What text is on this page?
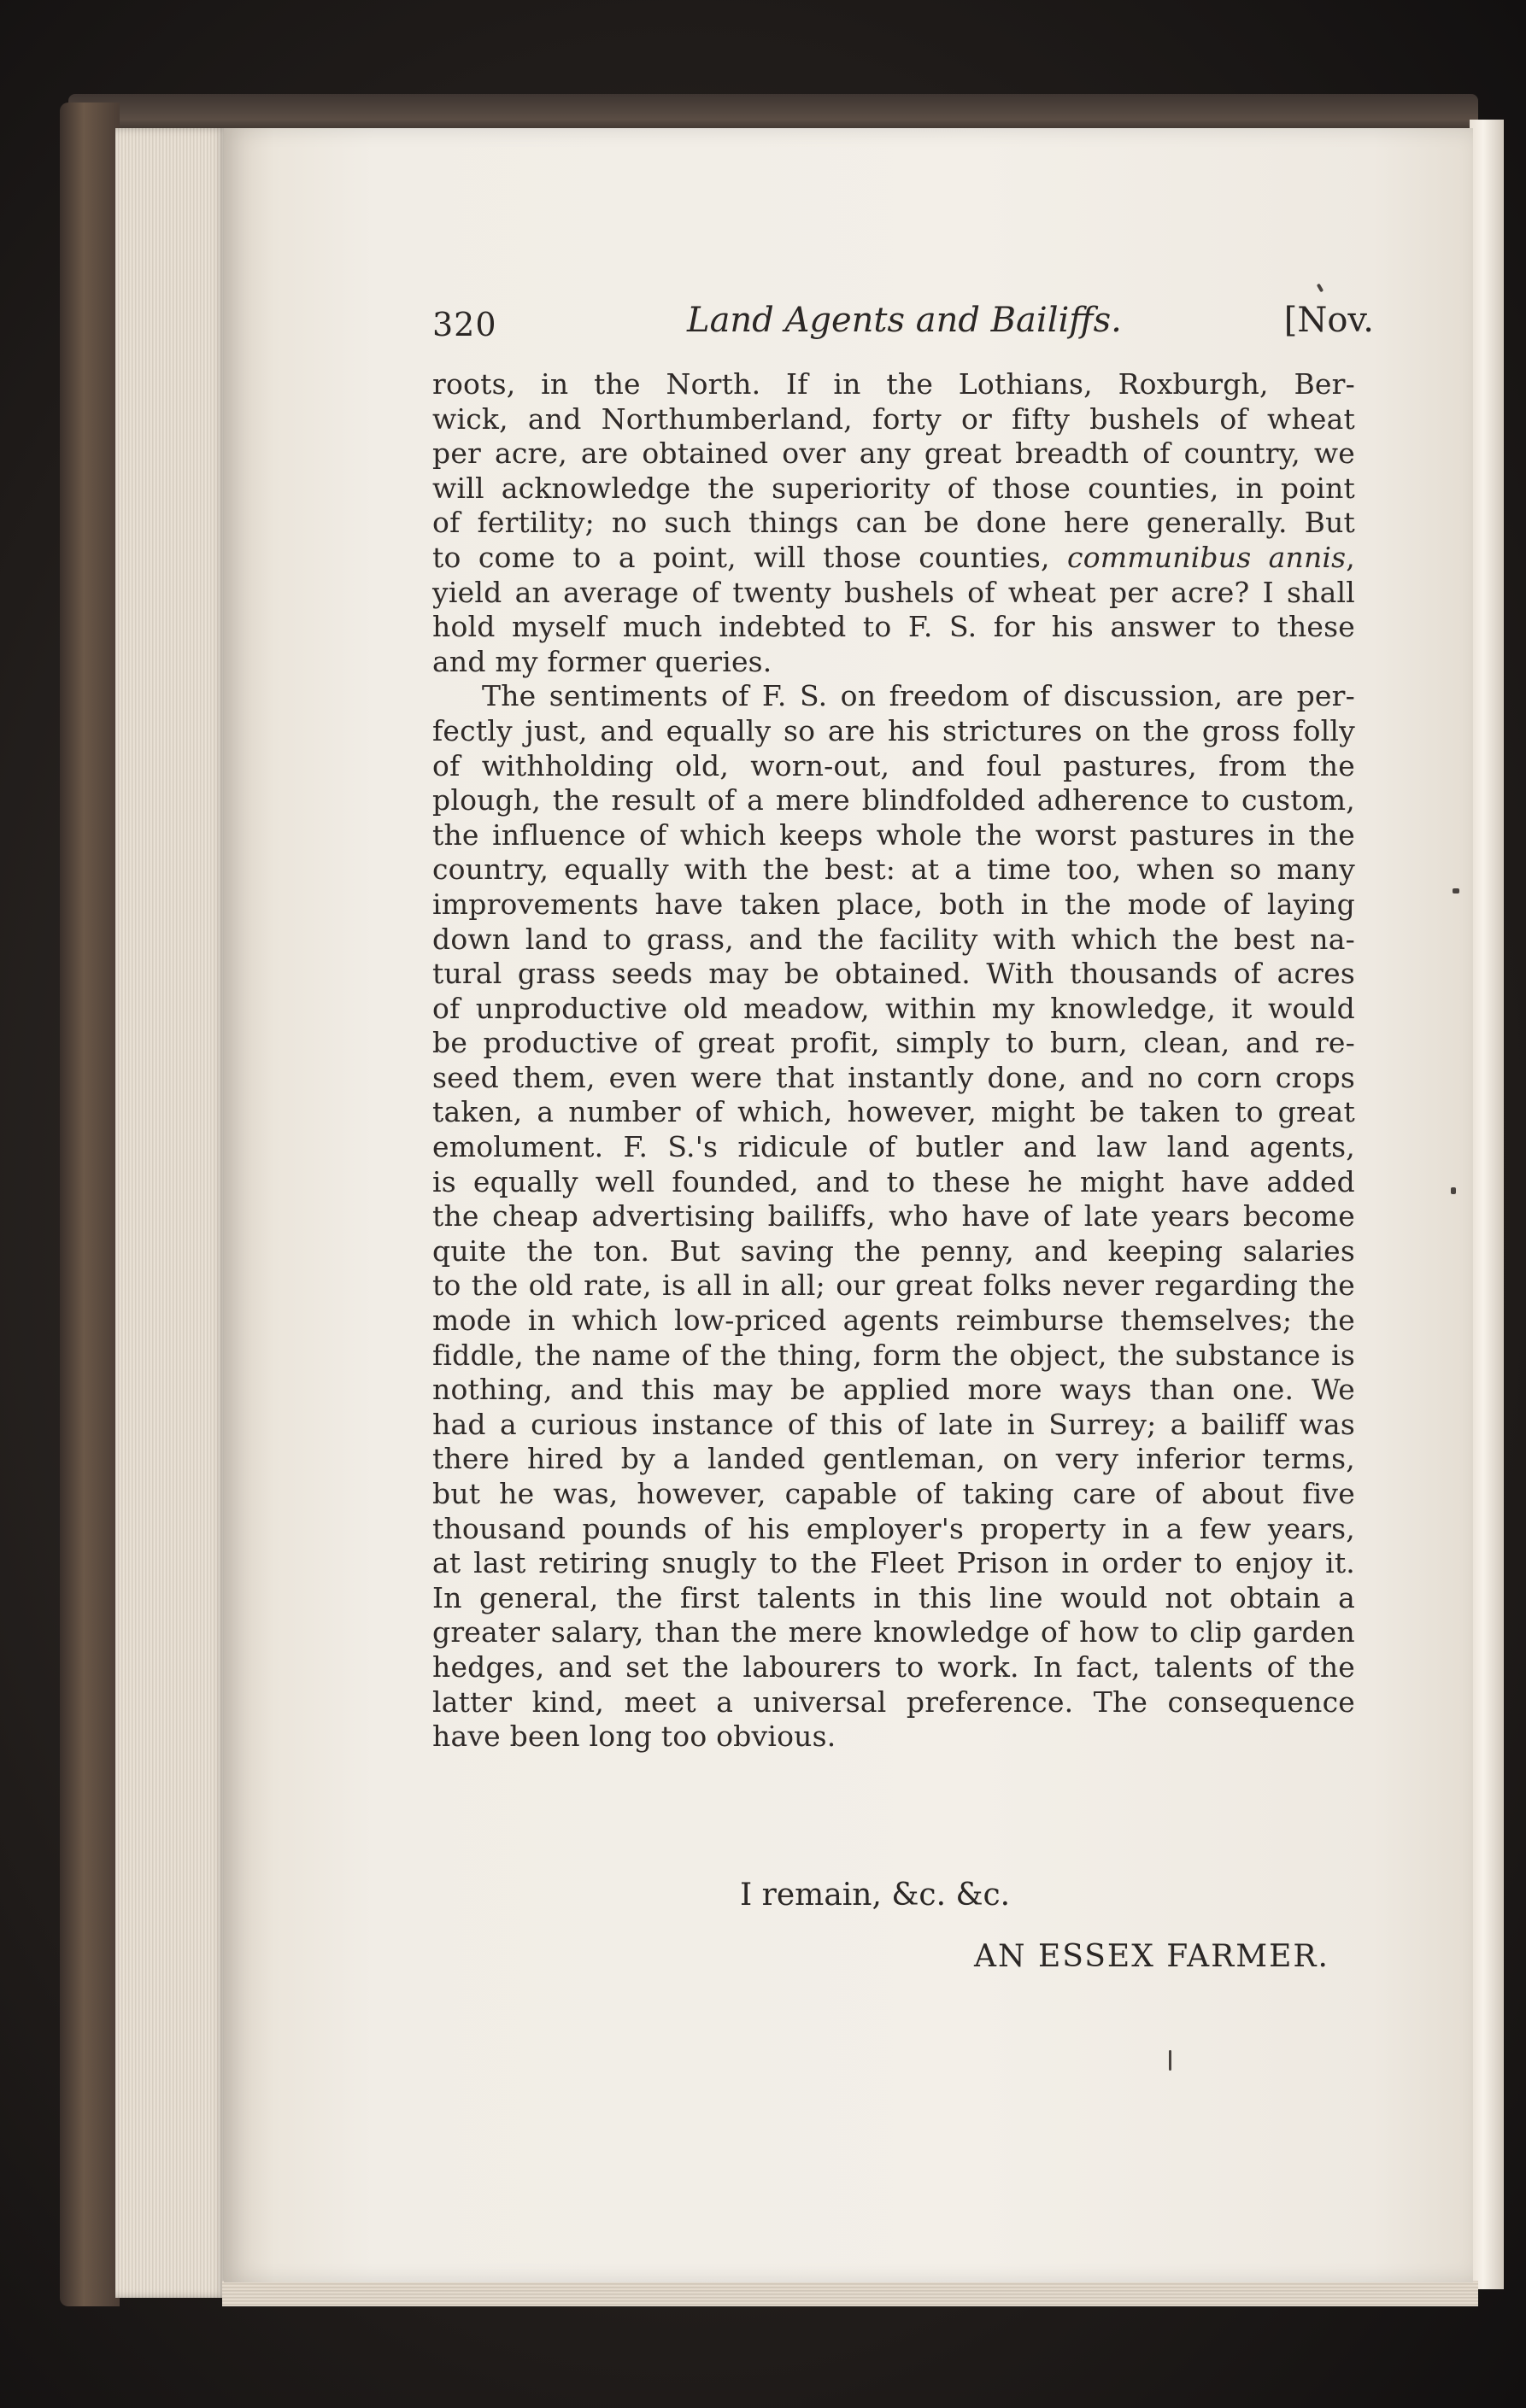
320	Land Agents and Bailiffs.	[Nov.
roots, in the North. If in the Lothians, Roxburgh, Ber-
wick, and Northumberland, forty or fifty bushels of wheat
per acre, are obtained over any great breadth of country, we
will acknowledge the superiority of those counties, in point
of fertility; no such things can be done here generally. But
to come to a point, will those counties, communibus annis,
yield an average of twenty bushels of wheat per acre? I shall
hold myself much indebted to F. S. for his answer to these
and my former queries.
The sentiments of F. S. on freedom of discussion, are per-
fectly just, and equally so are his strictures on the gross folly
of withholding old, worn-out, and foul pastures, from the
plough, the result of a mere blindfolded adherence to custom,
the influence of which keeps whole the worst pastures in the
country, equally with the best: at a time too, when so many
improvements have taken place, both in the mode of laying
down land to grass, and the facility with which the best na-
tural grass seeds may be obtained. With thousands of acres
of unproductive old meadow, within my knowledge, it would
be productive of great profit, simply to burn, clean, and re-
seed them, even were that instantly done, and no corn crops
taken, a number of which, however, might be taken to great
emolument. F. S.'s ridicule of butler and law land agents,
is equally well founded, and to these he might have added
the cheap advertising bailiffs, who have of late years become
quite the ton. But saving the penny, and keeping salaries
to the old rate, is all in all; our great folks never regarding the
mode in which low-priced agents reimburse themselves; the
fiddle, the name of the thing, form the object, the substance is
nothing, and this may be applied more ways than one. We
had a curious instance of this of late in Surrey; a bailiff was
there hired by a landed gentleman, on very inferior terms,
but he was, however, capable of taking care of about five
thousand pounds of his employer's property in a few years,
at last retiring snugly to the Fleet Prison in order to enjoy it.
In general, the first talents in this line would not obtain a
greater salary, than the mere knowledge of how to clip garden
hedges, and set the labourers to work. In fact, talents of the
latter kind, meet a universal preference. The consequence
have been long too obvious.
I remain, &c. &c.
AN ESSEX FARMER.
